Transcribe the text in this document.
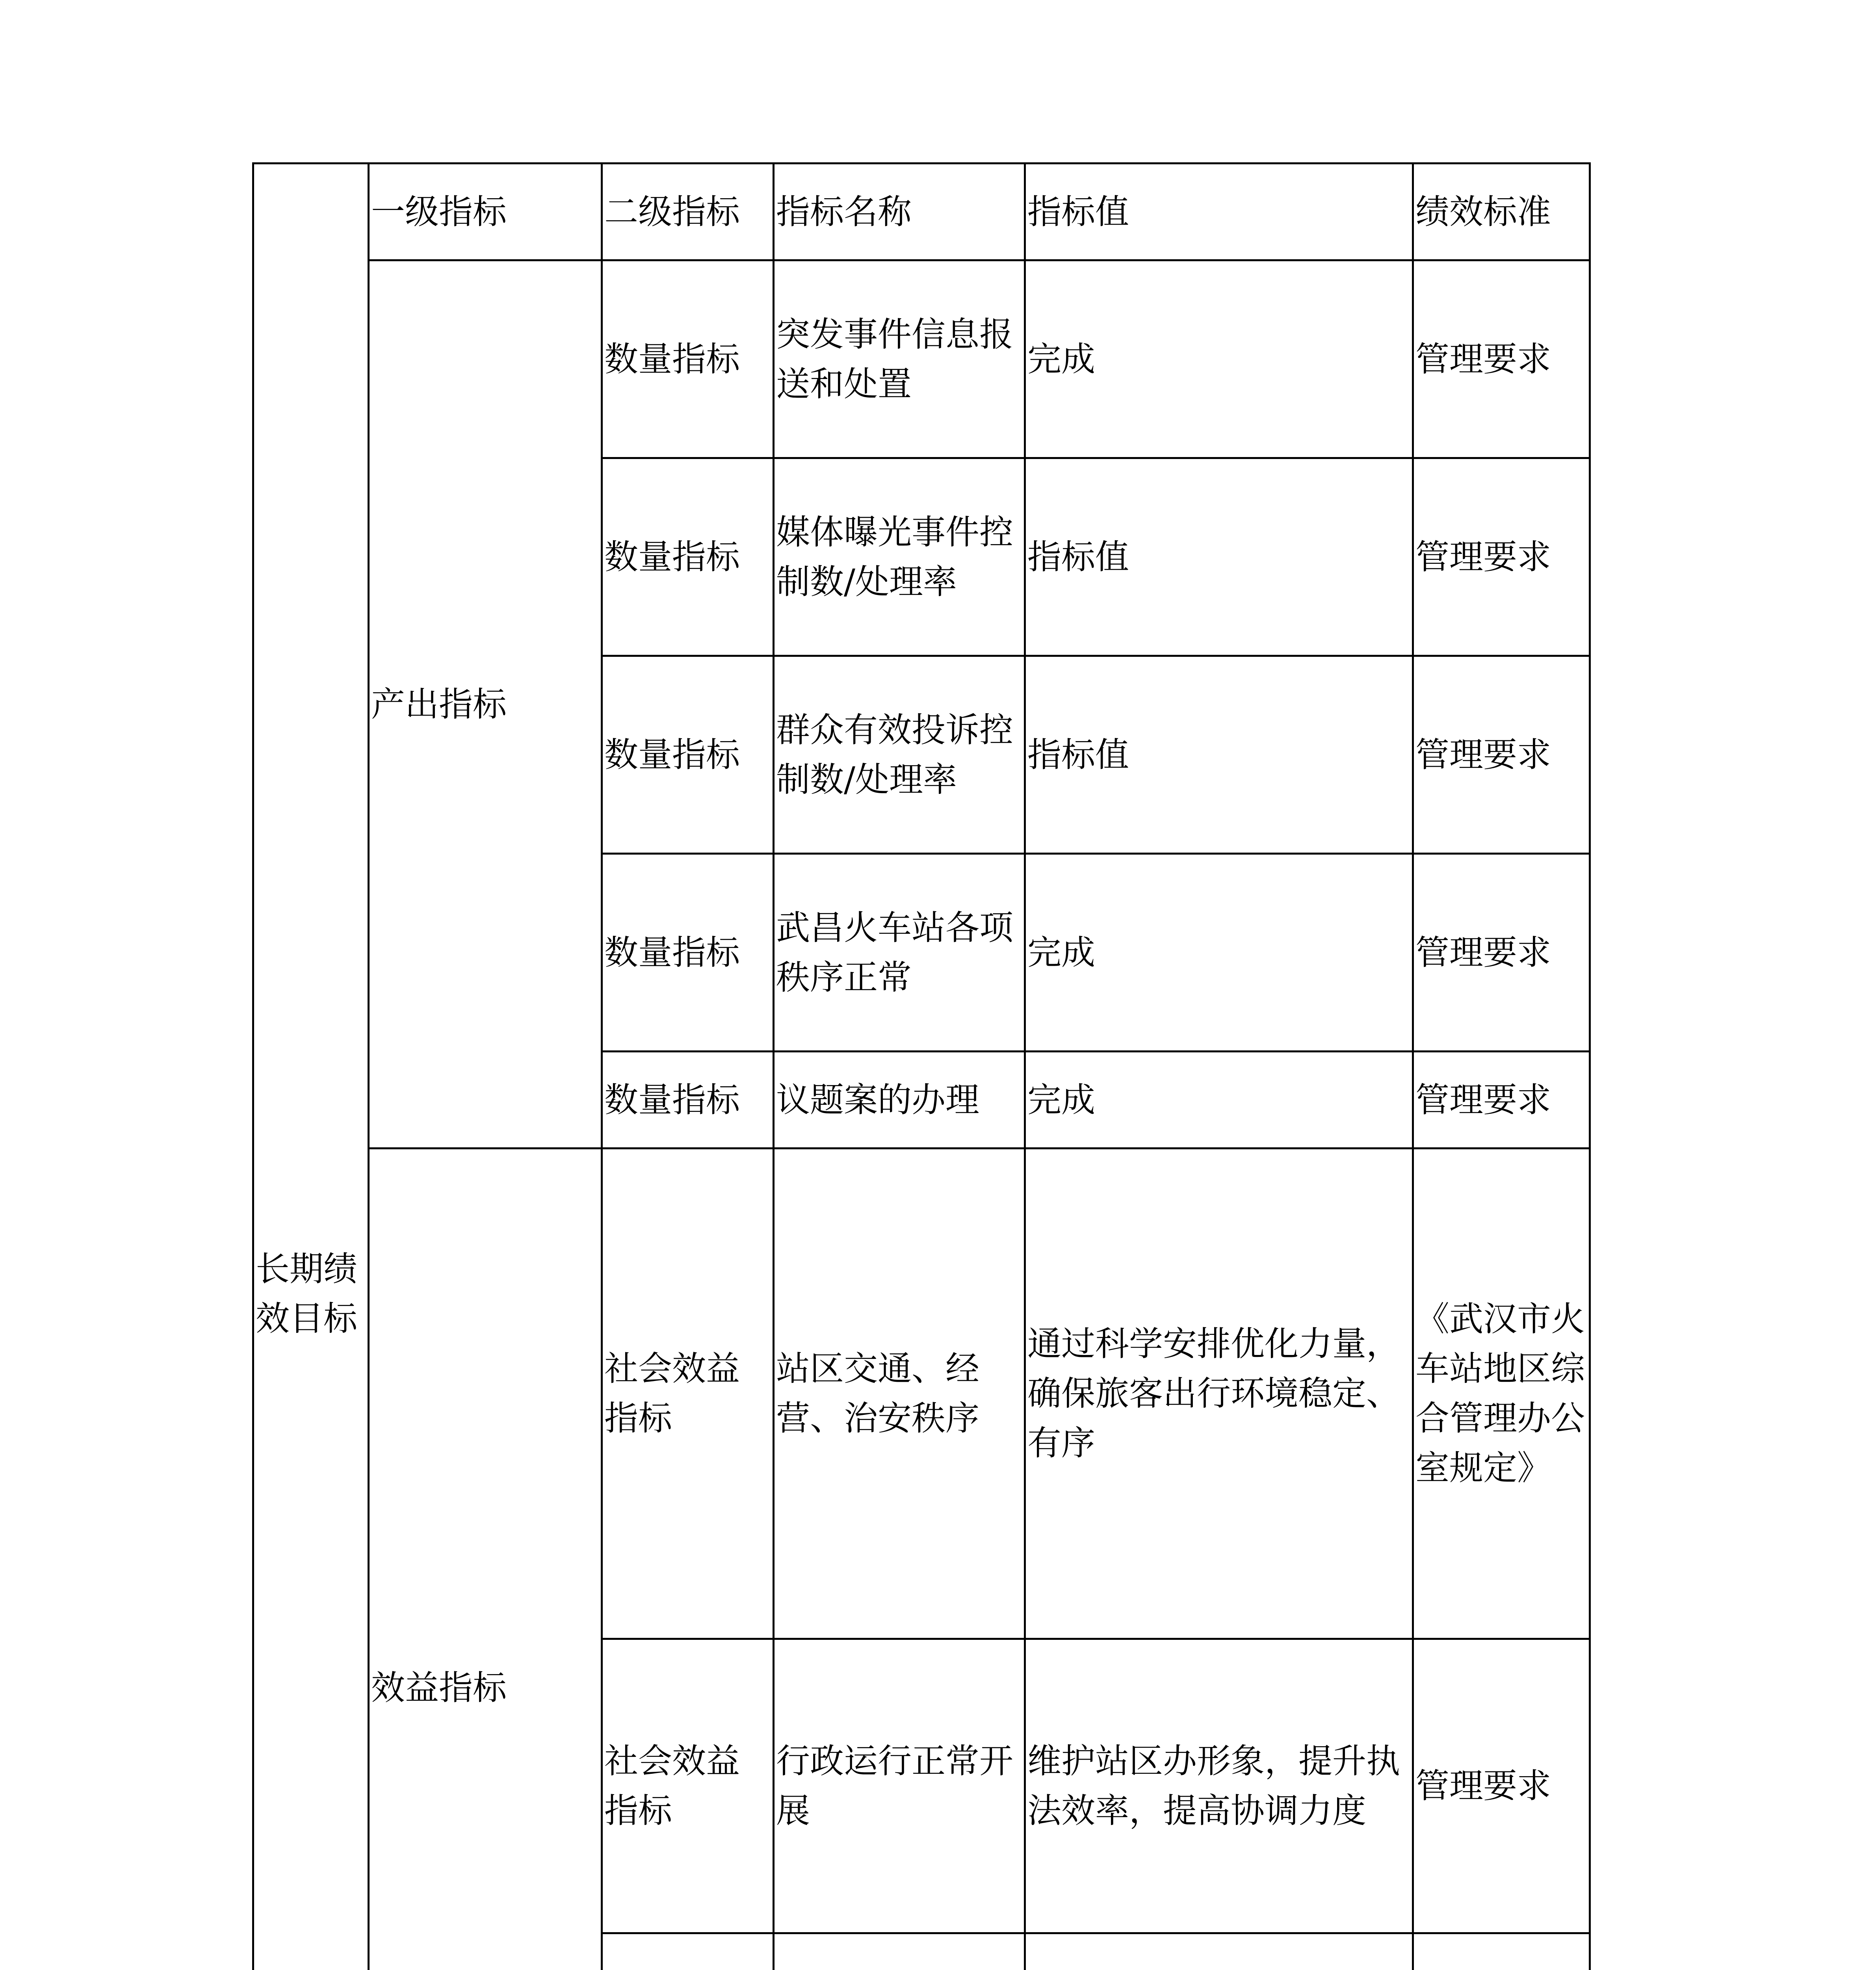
长期绩效目标	一级指标	二级指标	指标名称	指标值	绩效标准
	产出指标	数量指标	突发事件信息报送和处置	完成	管理要求
		数量指标	媒体曝光事件控制数/处理率	指标值	管理要求
		数量指标	群众有效投诉控制数/处理率	指标值	管理要求
		数量指标	武昌火车站各项秩序正常	完成	管理要求
		数量指标	议题案的办理	完成	管理要求
	效益指标	社会效益指标	站区交通、经营、治安秩序	通过科学安排优化力量，确保旅客出行环境稳定、有序	《武汉市火车站地区综合管理办公室规定》
		社会效益指标	行政运行正常开展	维护站区办形象，提升执法效率，提高协调力度	管理要求
